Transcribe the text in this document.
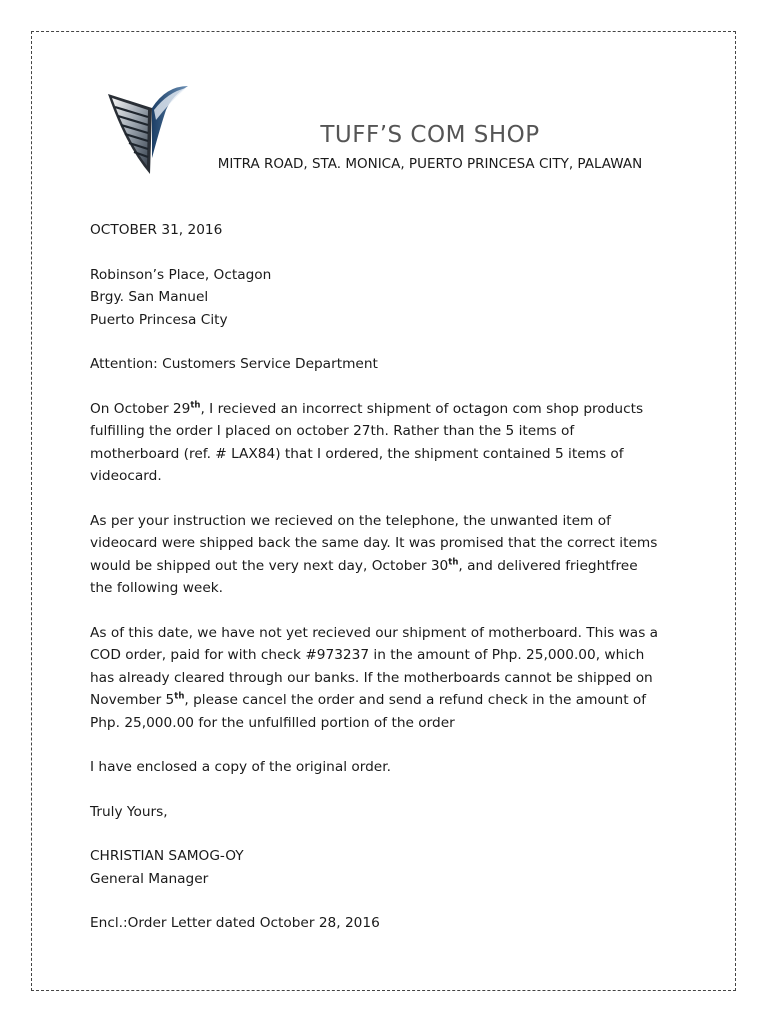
TUFF’S COM SHOP
MITRA ROAD, STA. MONICA, PUERTO PRINCESA CITY, PALAWAN
OCTOBER 31, 2016
Robinson’s Place, Octagon
Brgy. San Manuel
Puerto Princesa City
Attention: Customers Service Department
On October 29th, I recieved an incorrect shipment of octagon com shop products
fulfilling the order I placed on october 27th. Rather than the 5 items of
motherboard (ref. # LAX84) that I ordered, the shipment contained 5 items of
videocard.
As per your instruction we recieved on the telephone, the unwanted item of
videocard were shipped back the same day. It was promised that the correct items
would be shipped out the very next day, October 30th, and delivered frieghtfree
the following week.
As of this date, we have not yet recieved our shipment of motherboard. This was a
COD order, paid for with check #973237 in the amount of Php. 25,000.00, which
has already cleared through our banks. If the motherboards cannot be shipped on
November 5th, please cancel the order and send a refund check in the amount of
Php. 25,000.00 for the unfulfilled portion of the order
I have enclosed a copy of the original order.
Truly Yours,
CHRISTIAN SAMOG-OY
General Manager
Encl.:Order Letter dated October 28, 2016
